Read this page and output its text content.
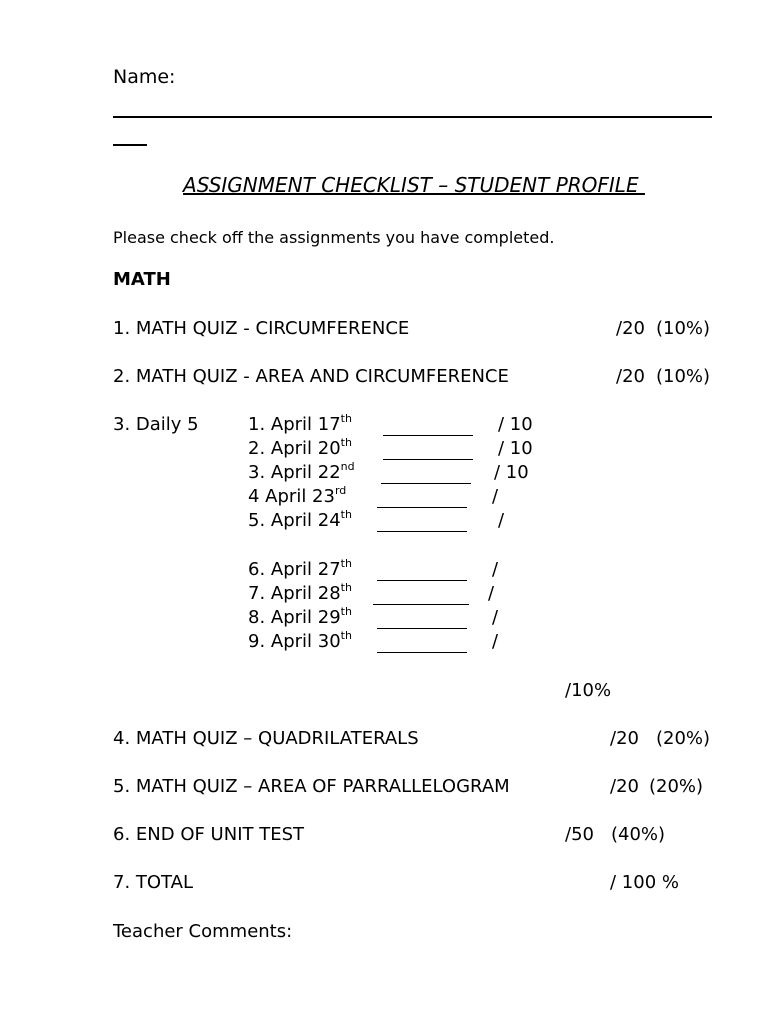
Name:
ASSIGNMENT CHECKLIST – STUDENT PROFILE
Please check off the assignments you have completed.
MATH
1. MATH QUIZ - CIRCUMFERENCE	/20 (10%)
2. MATH QUIZ - AREA AND CIRCUMFERENCE	/20 (10%)
3. Daily 5	1. April 17th	/ 10
2. April 20th	/ 10
3. April 22nd	/ 10
4 April 23rd	/
5. April 24th	/
6. April 27th	/
7. April 28th	/
8. April 29th	/
9. April 30th	/
/10%
4. MATH QUIZ – QUADRILATERALS	/20 (20%)
5. MATH QUIZ – AREA OF PARRALLELOGRAM	/20 (20%)
6. END OF UNIT TEST	/50 (40%)
7. TOTAL	/ 100 %
Teacher Comments:
